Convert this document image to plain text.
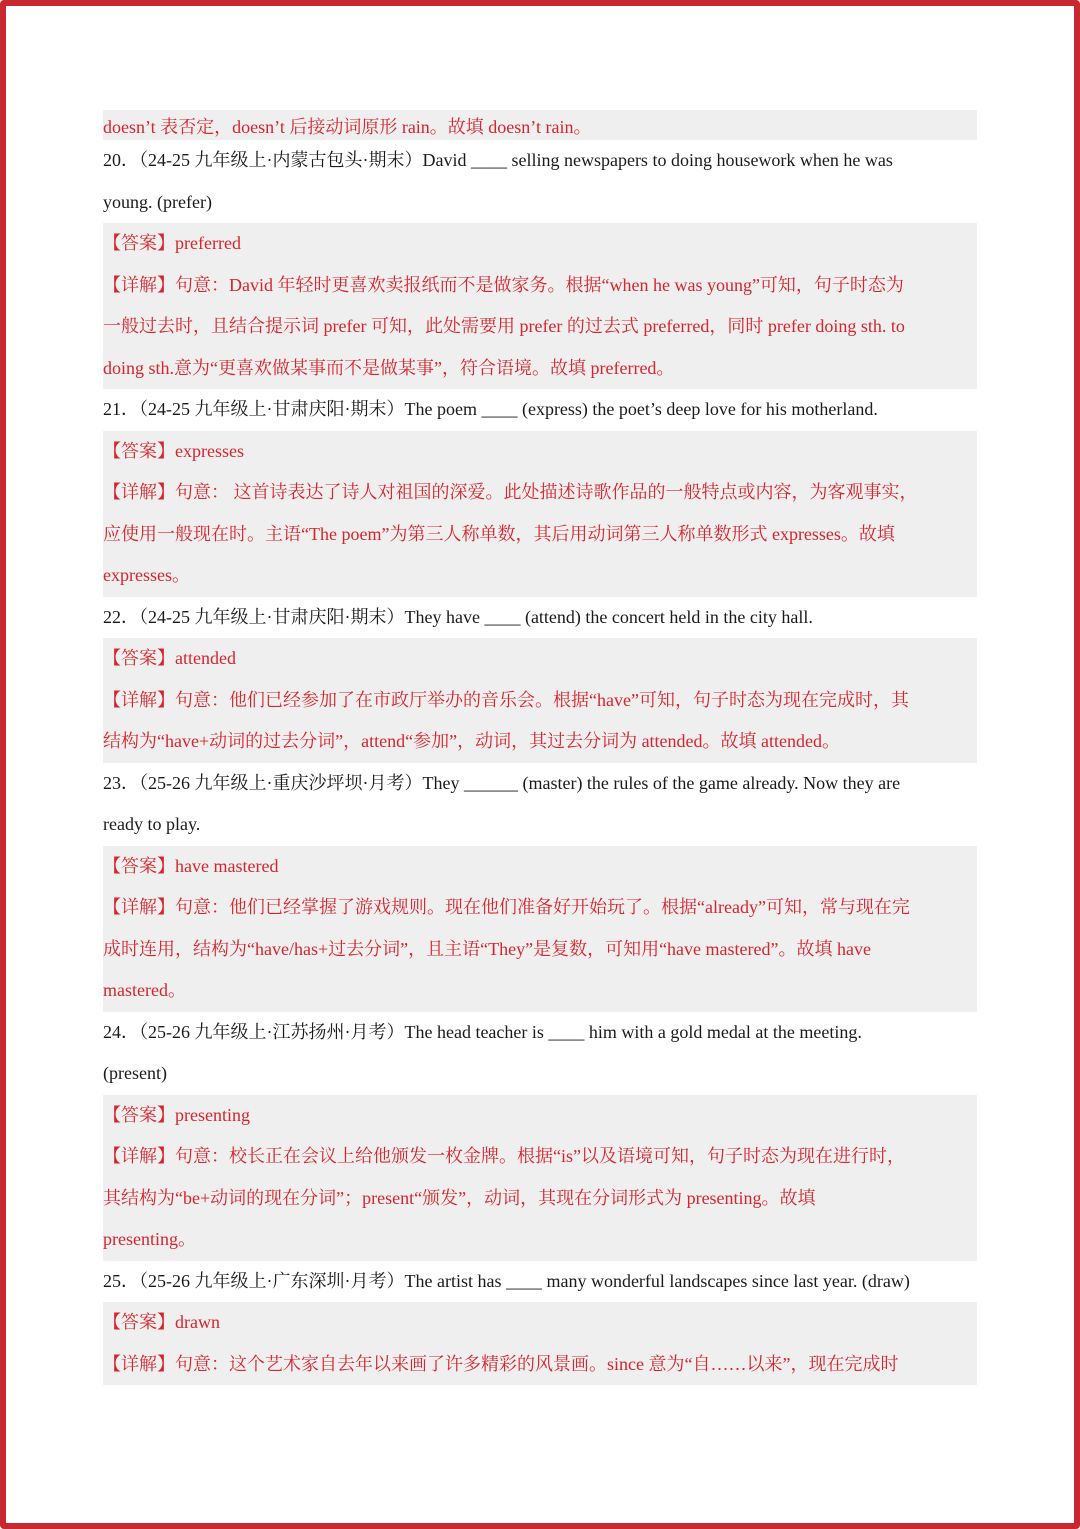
doesn’t 表否定，doesn’t 后接动词原形 rain。故填 doesn’t rain。
20．（24-25 九年级上·内蒙古包头·期末）David ____ selling newspapers to doing housework when he was
young. (prefer)
【答案】preferred
【详解】句意：David 年轻时更喜欢卖报纸而不是做家务。根据“when he was young”可知，句子时态为
一般过去时，且结合提示词 prefer 可知，此处需要用 prefer 的过去式 preferred，同时 prefer doing sth. to
doing sth.意为“更喜欢做某事而不是做某事”，符合语境。故填 preferred。
21．（24-25 九年级上·甘肃庆阳·期末）The poem ____ (express) the poet’s deep love for his motherland.
【答案】expresses
【详解】句意： 这首诗表达了诗人对祖国的深爱。此处描述诗歌作品的一般特点或内容，为客观事实，
应使用一般现在时。主语“The poem”为第三人称单数，其后用动词第三人称单数形式 expresses。故填
expresses。
22．（24-25 九年级上·甘肃庆阳·期末）They have ____ (attend) the concert held in the city hall.
【答案】attended
【详解】句意：他们已经参加了在市政厅举办的音乐会。根据“have”可知，句子时态为现在完成时，其
结构为“have+动词的过去分词”，attend“参加”，动词，其过去分词为 attended。故填 attended。
23．（25-26 九年级上·重庆沙坪坝·月考）They ______ (master) the rules of the game already. Now they are
ready to play.
【答案】have mastered
【详解】句意：他们已经掌握了游戏规则。现在他们准备好开始玩了。根据“already”可知，常与现在完
成时连用，结构为“have/has+过去分词”，且主语“They”是复数，可知用“have mastered”。故填 have
mastered。
24．（25-26 九年级上·江苏扬州·月考）The head teacher is ____ him with a gold medal at the meeting.
(present)
【答案】presenting
【详解】句意：校长正在会议上给他颁发一枚金牌。根据“is”以及语境可知，句子时态为现在进行时，
其结构为“be+动词的现在分词”；present“颁发”，动词，其现在分词形式为 presenting。故填
presenting。
25．（25-26 九年级上·广东深圳·月考）The artist has ____ many wonderful landscapes since last year. (draw)
【答案】drawn
【详解】句意：这个艺术家自去年以来画了许多精彩的风景画。since 意为“自……以来”，现在完成时
